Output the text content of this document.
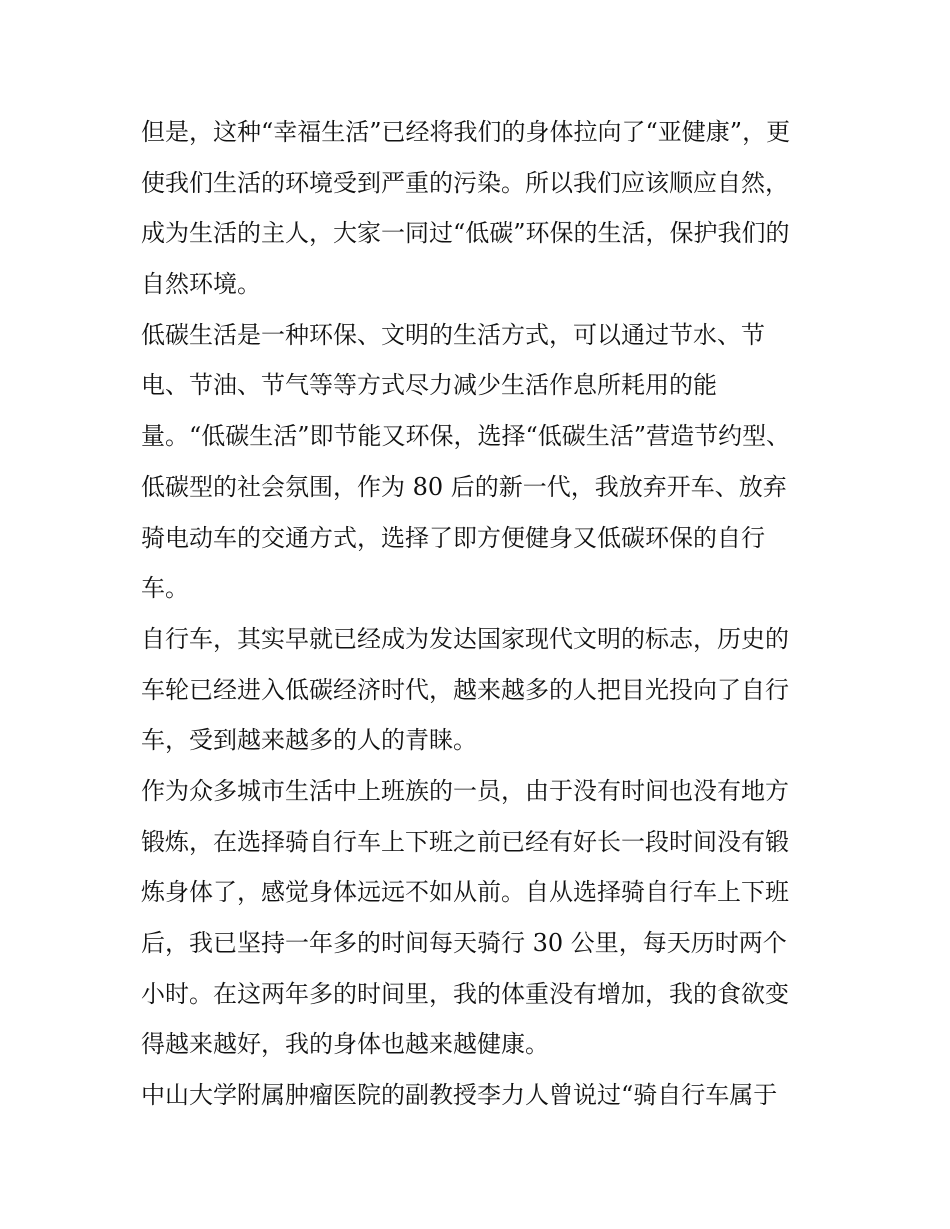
但是，这种“幸福生活”已经将我们的身体拉向了“亚健康”，更
使我们生活的环境受到严重的污染。所以我们应该顺应自然，
成为生活的主人，大家一同过“低碳”环保的生活，保护我们的
自然环境。
低碳生活是一种环保、文明的生活方式，可以通过节水、节
电、节油、节气等等方式尽力减少生活作息所耗用的能
量。“低碳生活”即节能又环保，选择“低碳生活”营造节约型、
低碳型的社会氛围，作为 80 后的新一代，我放弃开车、放弃
骑电动车的交通方式，选择了即方便健身又低碳环保的自行
车。
自行车，其实早就已经成为发达国家现代文明的标志，历史的
车轮已经进入低碳经济时代，越来越多的人把目光投向了自行
车，受到越来越多的人的青睐。
作为众多城市生活中上班族的一员，由于没有时间也没有地方
锻炼，在选择骑自行车上下班之前已经有好长一段时间没有锻
炼身体了，感觉身体远远不如从前。自从选择骑自行车上下班
后，我已坚持一年多的时间每天骑行 30 公里，每天历时两个
小时。在这两年多的时间里，我的体重没有增加，我的食欲变
得越来越好，我的身体也越来越健康。
中山大学附属肿瘤医院的副教授李力人曾说过“骑自行车属于
